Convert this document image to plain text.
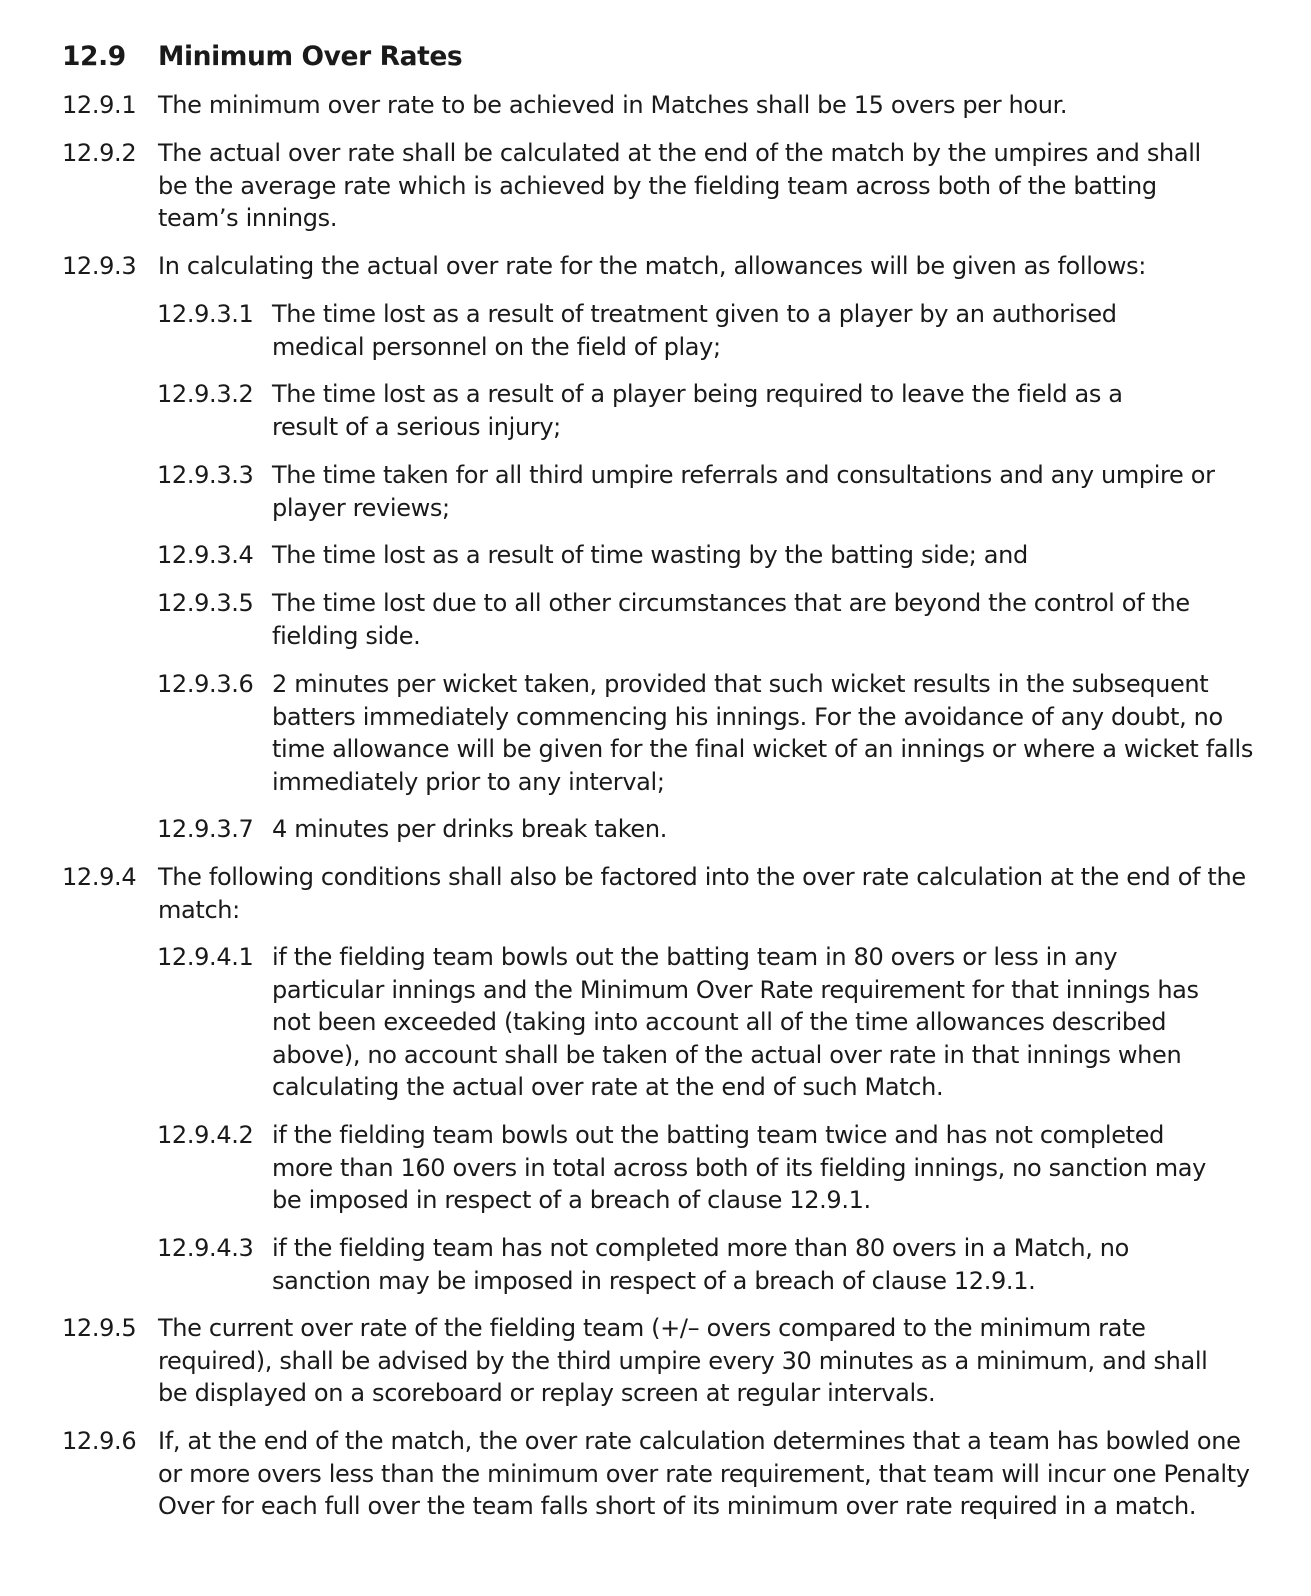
12.9 Minimum Over Rates
12.9.1 The minimum over rate to be achieved in Matches shall be 15 overs per hour.
12.9.2 The actual over rate shall be calculated at the end of the match by the umpires and shall be the average rate which is achieved by the fielding team across both of the batting team’s innings.
12.9.3 In calculating the actual over rate for the match, allowances will be given as follows:
12.9.3.1 The time lost as a result of treatment given to a player by an authorised medical personnel on the field of play;
12.9.3.2 The time lost as a result of a player being required to leave the field as a result of a serious injury;
12.9.3.3 The time taken for all third umpire referrals and consultations and any umpire or player reviews;
12.9.3.4 The time lost as a result of time wasting by the batting side; and
12.9.3.5 The time lost due to all other circumstances that are beyond the control of the fielding side.
12.9.3.6 2 minutes per wicket taken, provided that such wicket results in the subsequent batters immediately commencing his innings. For the avoidance of any doubt, no time allowance will be given for the final wicket of an innings or where a wicket falls immediately prior to any interval;
12.9.3.7 4 minutes per drinks break taken.
12.9.4 The following conditions shall also be factored into the over rate calculation at the end of the match:
12.9.4.1 if the fielding team bowls out the batting team in 80 overs or less in any particular innings and the Minimum Over Rate requirement for that innings has not been exceeded (taking into account all of the time allowances described above), no account shall be taken of the actual over rate in that innings when calculating the actual over rate at the end of such Match.
12.9.4.2 if the fielding team bowls out the batting team twice and has not completed more than 160 overs in total across both of its fielding innings, no sanction may be imposed in respect of a breach of clause 12.9.1.
12.9.4.3 if the fielding team has not completed more than 80 overs in a Match, no sanction may be imposed in respect of a breach of clause 12.9.1.
12.9.5 The current over rate of the fielding team (+/– overs compared to the minimum rate required), shall be advised by the third umpire every 30 minutes as a minimum, and shall be displayed on a scoreboard or replay screen at regular intervals.
12.9.6 If, at the end of the match, the over rate calculation determines that a team has bowled one or more overs less than the minimum over rate requirement, that team will incur one Penalty Over for each full over the team falls short of its minimum over rate required in a match.
